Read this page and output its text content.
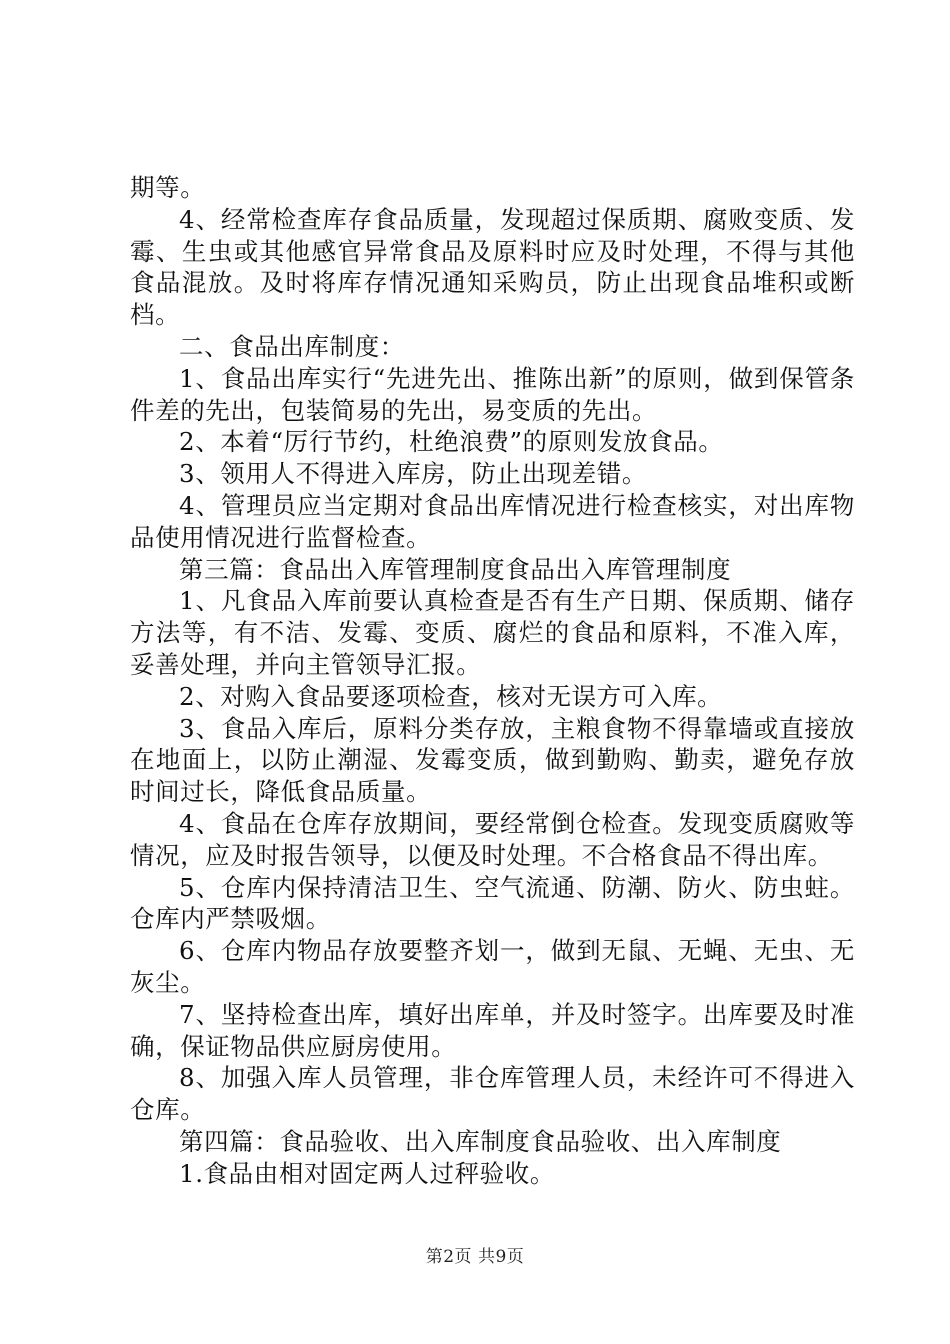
期等。

4、经常检查库存食品质量，发现超过保质期、腐败变质、发霉、生虫或其他感官异常食品及原料时应及时处理，不得与其他食品混放。及时将库存情况通知采购员，防止出现食品堆积或断档。

二、食品出库制度：

1、食品出库实行“先进先出、推陈出新”的原则，做到保管条件差的先出，包装简易的先出，易变质的先出。

2、本着“厉行节约，杜绝浪费”的原则发放食品。

3、领用人不得进入库房，防止出现差错。

4、管理员应当定期对食品出库情况进行检查核实，对出库物品使用情况进行监督检查。

第三篇：食品出入库管理制度食品出入库管理制度

1、凡食品入库前要认真检查是否有生产日期、保质期、储存方法等，有不洁、发霉、变质、腐烂的食品和原料，不准入库，妥善处理，并向主管领导汇报。

2、对购入食品要逐项检查，核对无误方可入库。

3、食品入库后，原料分类存放，主粮食物不得靠墙或直接放在地面上，以防止潮湿、发霉变质，做到勤购、勤卖，避免存放时间过长，降低食品质量。

4、食品在仓库存放期间，要经常倒仓检查。发现变质腐败等情况，应及时报告领导，以便及时处理。不合格食品不得出库。

5、仓库内保持清洁卫生、空气流通、防潮、防火、防虫蛀。仓库内严禁吸烟。

6、仓库内物品存放要整齐划一，做到无鼠、无蝇、无虫、无灰尘。

7、坚持检查出库，填好出库单，并及时签字。出库要及时准确，保证物品供应厨房使用。

8、加强入库人员管理，非仓库管理人员，未经许可不得进入仓库。

第四篇：食品验收、出入库制度食品验收、出入库制度

1.食品由相对固定两人过秤验收。

第2页 共9页
